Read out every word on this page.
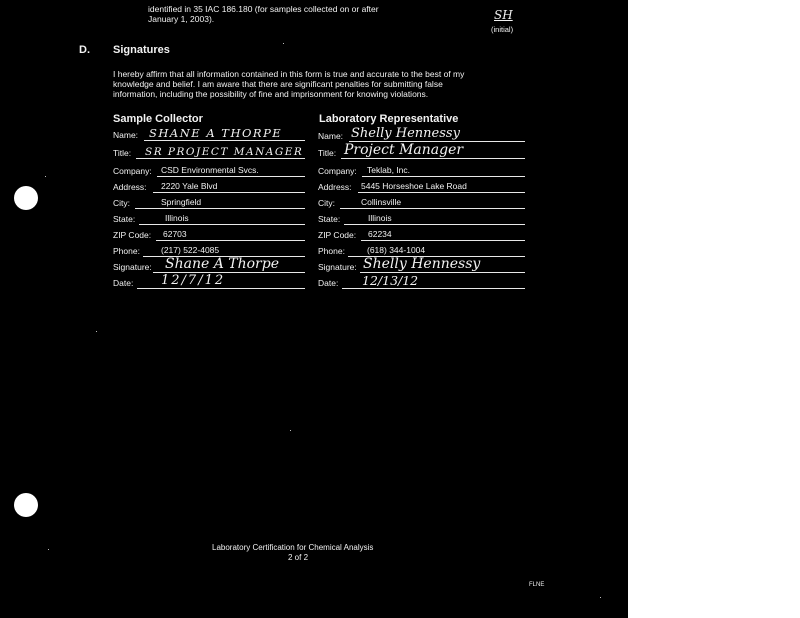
identified in 35 IAC 186.180 (for samples collected on or after
January 1, 2003).	SH
(initial)
D. Signatures
I hereby affirm that all information contained in this form is true and accurate to the best of my
knowledge and belief. I am aware that there are significant penalties for submitting false
information, including the possibility of fine and imprisonment for knowing violations.
Sample Collector
Name: SHANE A THORPE
Title: SR PROJECT MANAGER
Company: CSD Environmental Svcs.
Address: 2220 Yale Blvd
City:	Springfield
State:	Illinois
ZIP Code: 62703
Phone: (217) 522-4085
Signature: Shane A Thorpe
Date: 12/7/12
Laboratory Representative
Name: Shelly Hennessy
Title: Project Manager
Company: Teklab, Inc.
Address: 5445 Horseshoe Lake Road
City:	Collinsville
State:	Illinois
ZIP Code: 62234
Phone:	(618) 344-1004
Signature: Shelly Hennessy
Date: 12/13/12
Laboratory Certification for Chemical Analysis
2 of 2
FLNE
